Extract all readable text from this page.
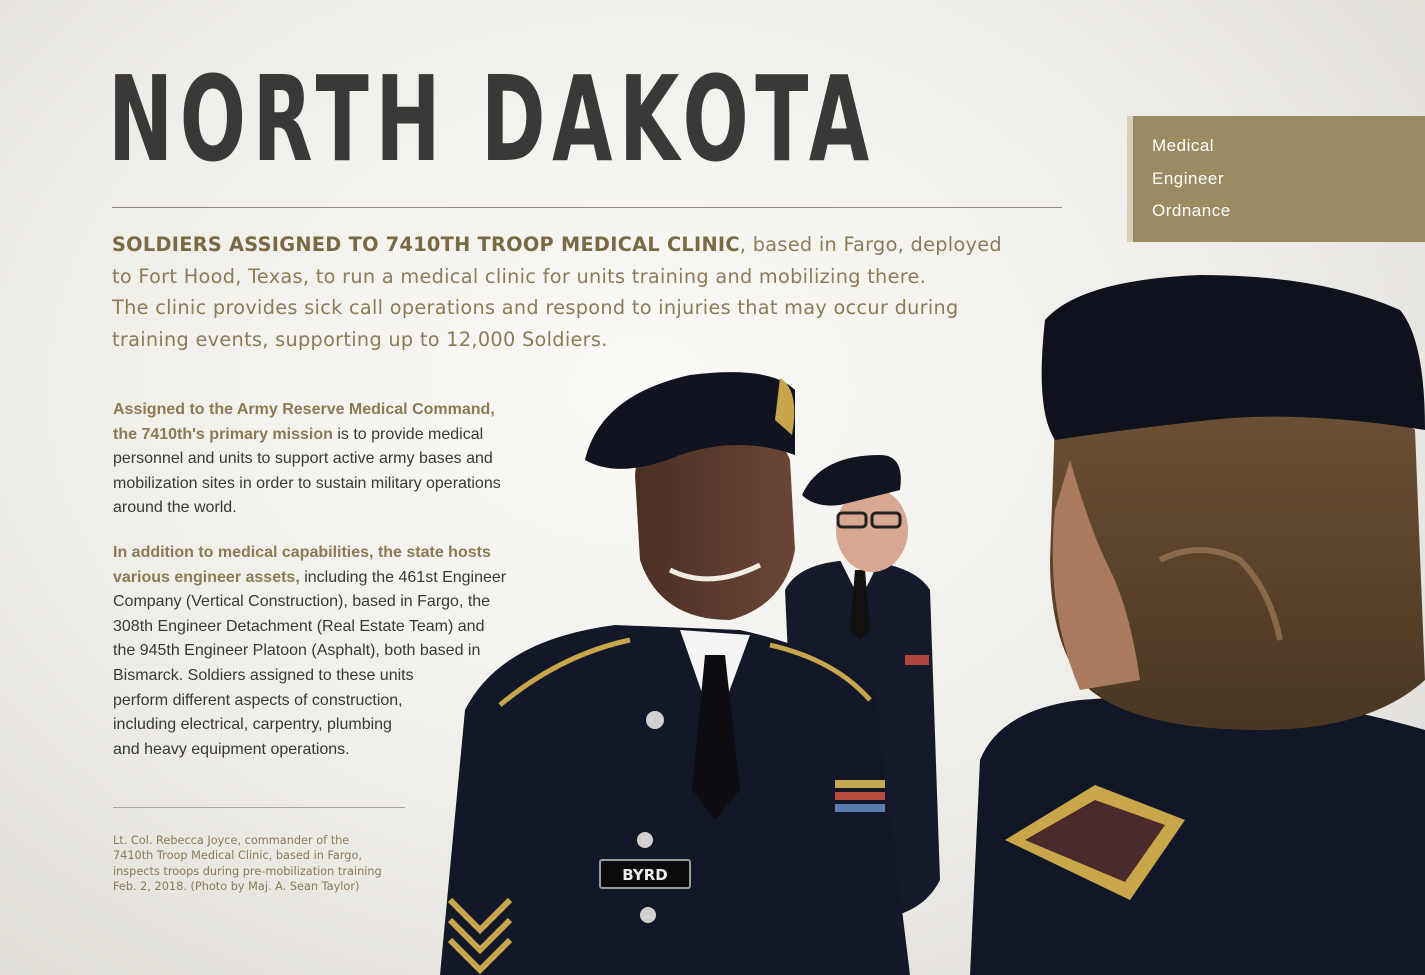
NORTH DAKOTA	Medical
Engineer
Ordnance

SOLDIERS ASSIGNED TO 7410TH TROOP MEDICAL CLINIC, based in Fargo, deployed
to Fort Hood, Texas, to run a medical clinic for units training and mobilizing there.
The clinic provides sick call operations and respond to injuries that may occur during
training events, supporting up to 12,000 Soldiers.

BYRD

Assigned to the Army Reserve Medical Command,
the 7410th's primary mission is to provide medical
personnel and units to support active army bases and
mobilization sites in order to sustain military operations
around the world.

In addition to medical capabilities, the state hosts
various engineer assets, including the 461st Engineer
Company (Vertical Construction), based in Fargo, the
308th Engineer Detachment (Real Estate Team) and
the 945th Engineer Platoon (Asphalt), both based in
Bismarck. Soldiers assigned to these units
perform different aspects of construction,
including electrical, carpentry, plumbing
and heavy equipment operations.

Lt. Col. Rebecca Joyce, commander of the
7410th Troop Medical Clinic, based in Fargo,
inspects troops during pre-mobilization training
Feb. 2, 2018. (Photo by Maj. A. Sean Taylor)
